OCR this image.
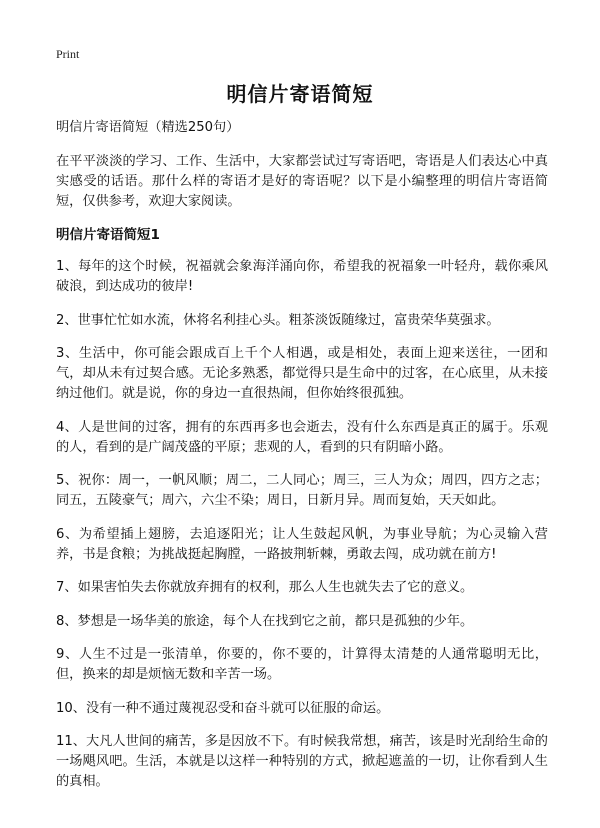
Print
明信片寄语简短

明信片寄语简短（精选250句）

在平平淡淡的学习、工作、生活中，大家都尝试过写寄语吧，寄语是人们表达心中真实感受的话语。那什么样的寄语才是好的寄语呢？以下是小编整理的明信片寄语简短，仅供参考，欢迎大家阅读。

明信片寄语简短1

1、每年的这个时候，祝福就会象海洋涌向你，希望我的祝福象一叶轻舟，载你乘风破浪，到达成功的彼岸!

2、世事忙忙如水流，休将名利挂心头。粗茶淡饭随缘过，富贵荣华莫强求。

3、生活中，你可能会跟成百上千个人相遇，或是相处，表面上迎来送往，一团和气，却从未有过契合感。无论多熟悉，都觉得只是生命中的过客，在心底里，从未接纳过他们。就是说，你的身边一直很热闹，但你始终很孤独。

4、人是世间的过客，拥有的东西再多也会逝去，没有什么东西是真正的属于。乐观的人，看到的是广阔茂盛的平原；悲观的人，看到的只有阴暗小路。

5、祝你：周一，一帆风顺；周二，二人同心；周三，三人为众；周四，四方之志；同五，五陵豪气；周六，六尘不染；周日，日新月异。周而复始，天天如此。

6、为希望插上翅膀，去追逐阳光；让人生鼓起风帆，为事业导航；为心灵输入营养，书是食粮；为挑战挺起胸膛，一路披荆斩棘，勇敢去闯，成功就在前方!

7、如果害怕失去你就放弃拥有的权利，那么人生也就失去了它的意义。

8、梦想是一场华美的旅途，每个人在找到它之前，都只是孤独的少年。

9、人生不过是一张清单，你要的，你不要的，计算得太清楚的人通常聪明无比，但，换来的却是烦恼无数和辛苦一场。

10、没有一种不通过蔑视忍受和奋斗就可以征服的命运。

11、大凡人世间的痛苦，多是因放不下。有时候我常想，痛苦，该是时光刮给生命的一场飓风吧。生活，本就是以这样一种特别的方式，掀起遮盖的一切，让你看到人生的真相。
